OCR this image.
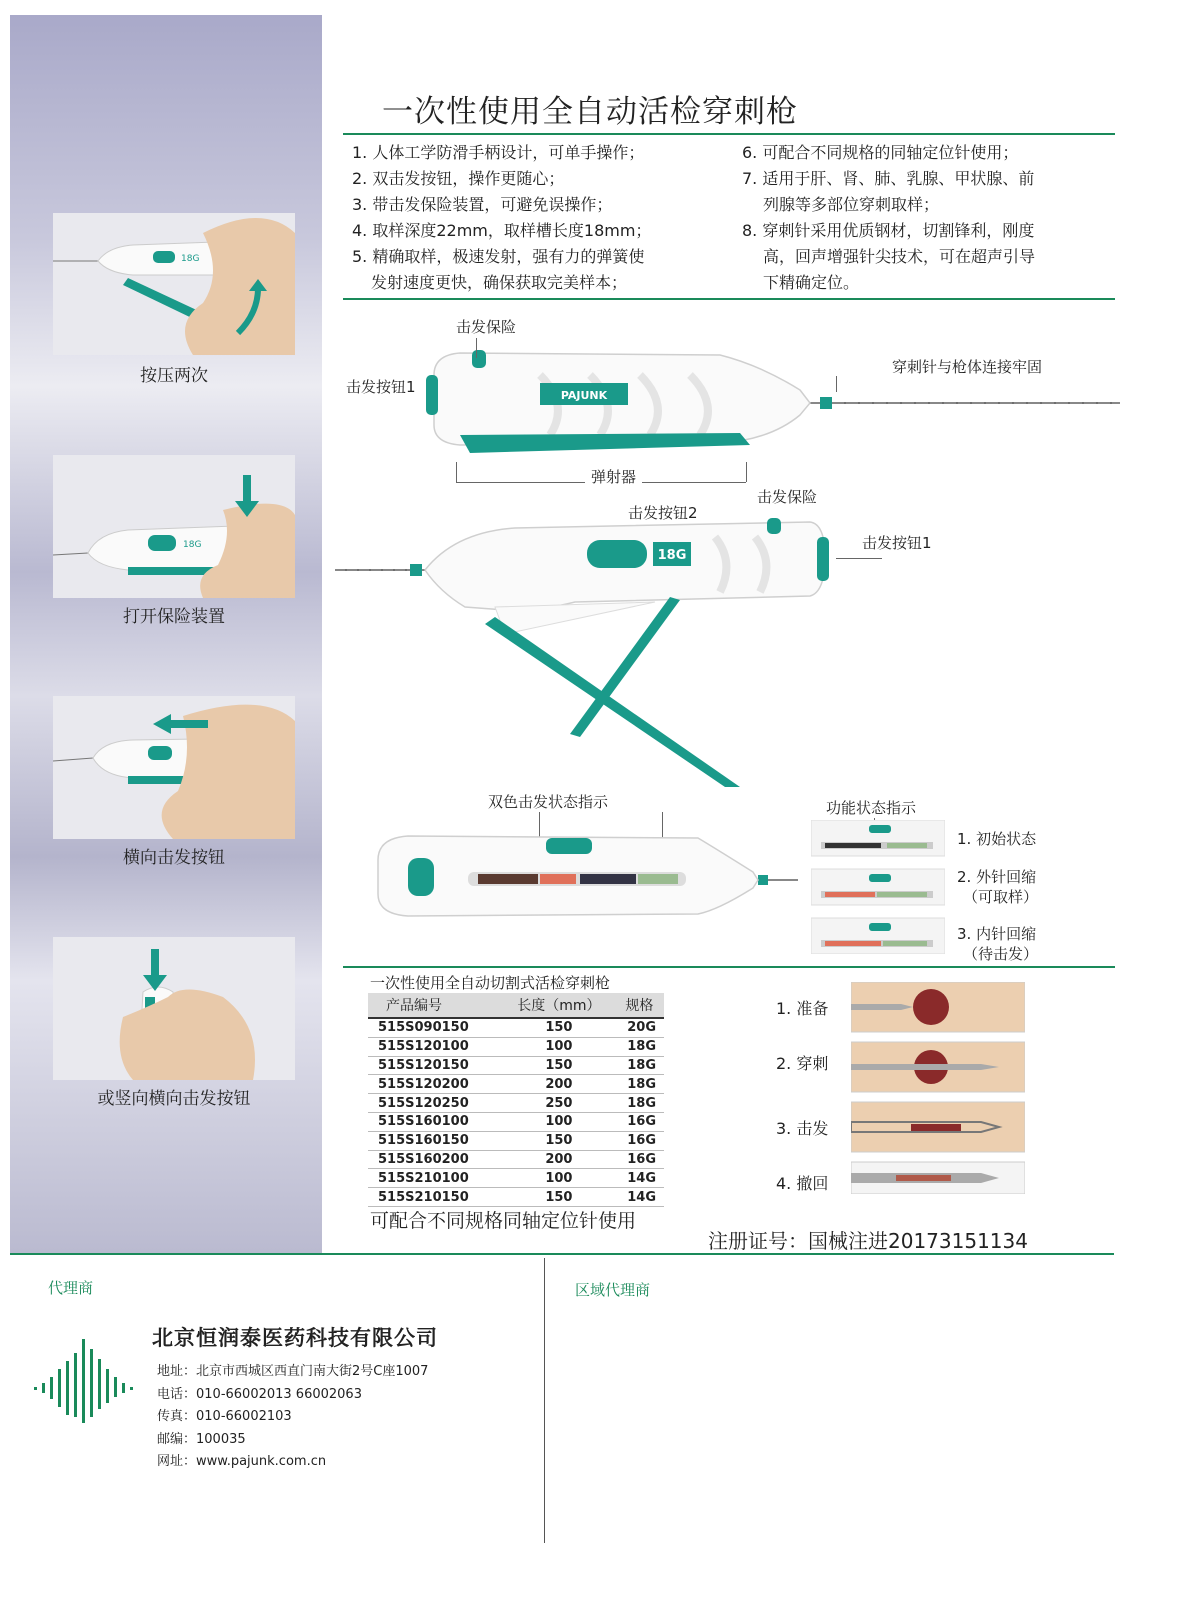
18G
按压两次
18G
打开保险装置
横向击发按钮
或竖向横向击发按钮
一次性使用全自动活检穿刺枪
1. 人体工学防滑手柄设计，可单手操作；
2. 双击发按钮，操作更随心；
3. 带击发保险装置，可避免误操作；
4. 取样深度22mm，取样槽长度18mm；
5. 精确取样，极速发射，强有力的弹簧使
发射速度更快，确保获取完美样本；
6. 可配合不同规格的同轴定位针使用；
7. 适用于肝、肾、肺、乳腺、甲状腺、前
列腺等多部位穿刺取样；
8. 穿刺针采用优质钢材，切割锋利，刚度
高，回声增强针尖技术，可在超声引导
下精确定位。
PAJUNK
击发保险
击发按钮1
穿刺针与枪体连接牢固
弹射器
18G
击发按钮2
击发保险
击发按钮1
双色击发状态指示	功能状态指示
1. 初始状态
2. 外针回缩
（可取样）
3. 内针回缩
（待击发）
一次性使用全自动切割式活检穿刺枪
产品编号	长度（mm）	规格
515S090150	150	20G
515S120100	100	18G
515S120150	150	18G
515S120200	200	18G
515S120250	250	18G
515S160100	100	16G
515S160150	150	16G
515S160200	200	16G
515S210100	100	14G
515S210150	150	14G
可配合不同规格同轴定位针使用
1. 准备
2. 穿刺
3. 击发
4. 撤回
注册证号：国械注进20173151134
代理商	区域代理商
北京恒润泰医药科技有限公司
地址：北京市西城区西直门南大街2号C座1007
电话：010-66002013 66002063
传真：010-66002103
邮编：100035
网址：www.pajunk.com.cn
